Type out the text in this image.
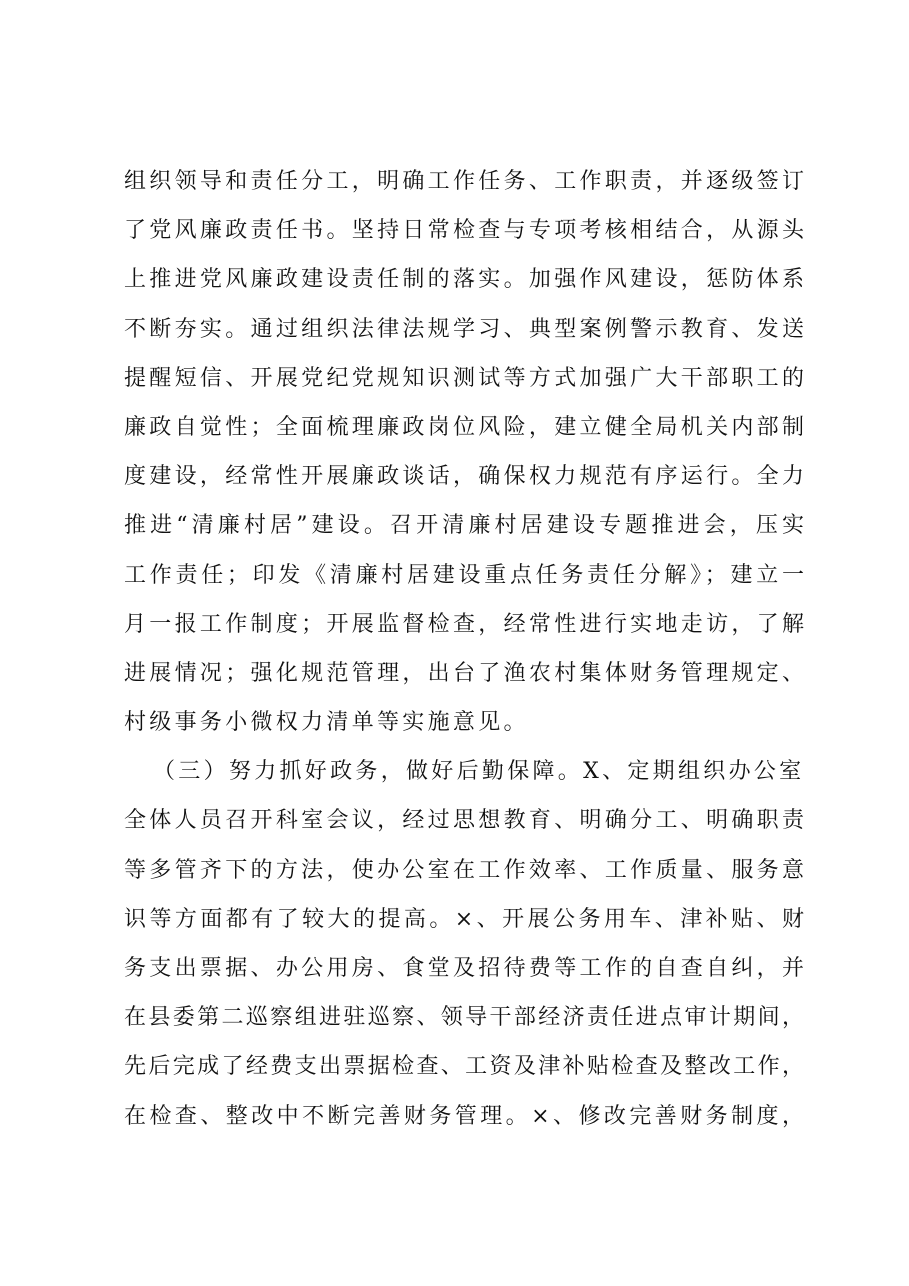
组织领导和责任分工，明确工作任务、工作职责，并逐级签订
了党风廉政责任书。坚持日常检查与专项考核相结合，从源头
上推进党风廉政建设责任制的落实。加强作风建设，惩防体系
不断夯实。通过组织法律法规学习、典型案例警示教育、发送
提醒短信、开展党纪党规知识测试等方式加强广大干部职工的
廉政自觉性；全面梳理廉政岗位风险，建立健全局机关内部制
度建设，经常性开展廉政谈话，确保权力规范有序运行。全力
推进“清廉村居”建设。召开清廉村居建设专题推进会，压实
工作责任；印发《清廉村居建设重点任务责任分解》；建立一
月一报工作制度；开展监督检查，经常性进行实地走访，了解
进展情况；强化规范管理，出台了渔农村集体财务管理规定、
村级事务小微权力清单等实施意见。
（三）努力抓好政务，做好后勤保障。X、定期组织办公室
全体人员召开科室会议，经过思想教育、明确分工、明确职责
等多管齐下的方法，使办公室在工作效率、工作质量、服务意
识等方面都有了较大的提高。×、开展公务用车、津补贴、财
务支出票据、办公用房、食堂及招待费等工作的自查自纠，并
在县委第二巡察组进驻巡察、领导干部经济责任进点审计期间，
先后完成了经费支出票据检查、工资及津补贴检查及整改工作，
在检查、整改中不断完善财务管理。×、修改完善财务制度，
